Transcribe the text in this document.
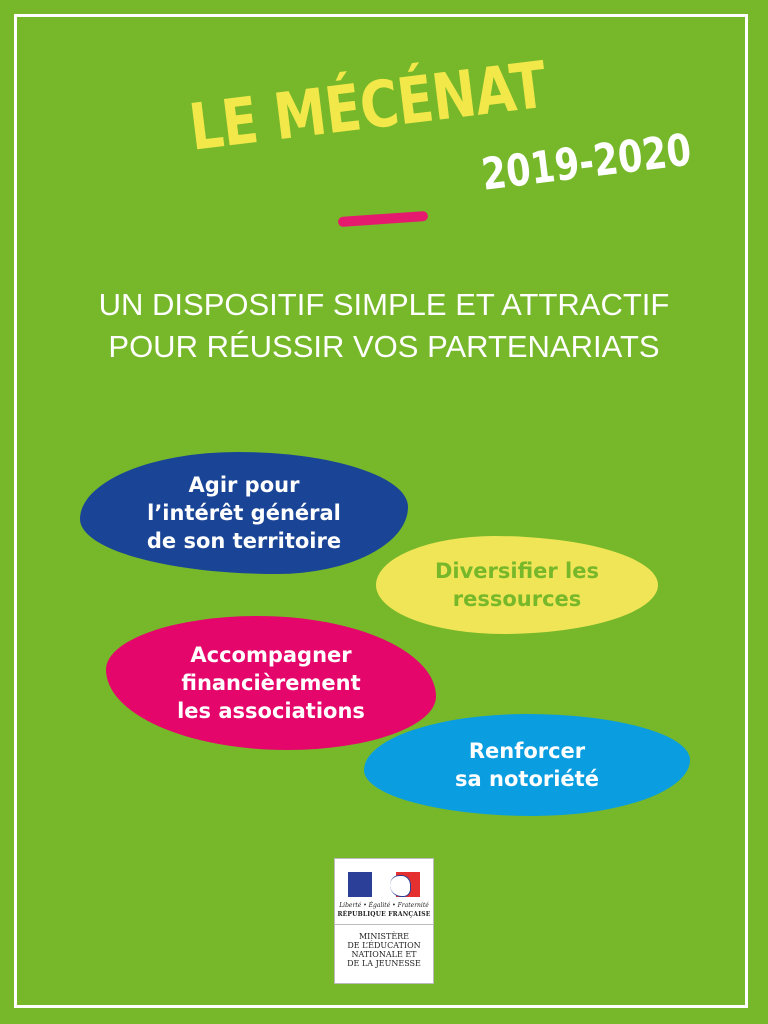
LE MÉCÉNAT
2019-2020
UN DISPOSITIF SIMPLE ET ATTRACTIF
POUR RÉUSSIR VOS PARTENARIATS
Agir pour
l’intérêt général
de son territoire
Diversifier les
ressources
Accompagner
financièrement
les associations
Renforcer
sa notoriété
Liberté • Égalité • Fraternité
RÉPUBLIQUE FRANÇAISE
MINISTÈRE
DE L’ÉDUCATION
NATIONALE ET
DE LA JEUNESSE
